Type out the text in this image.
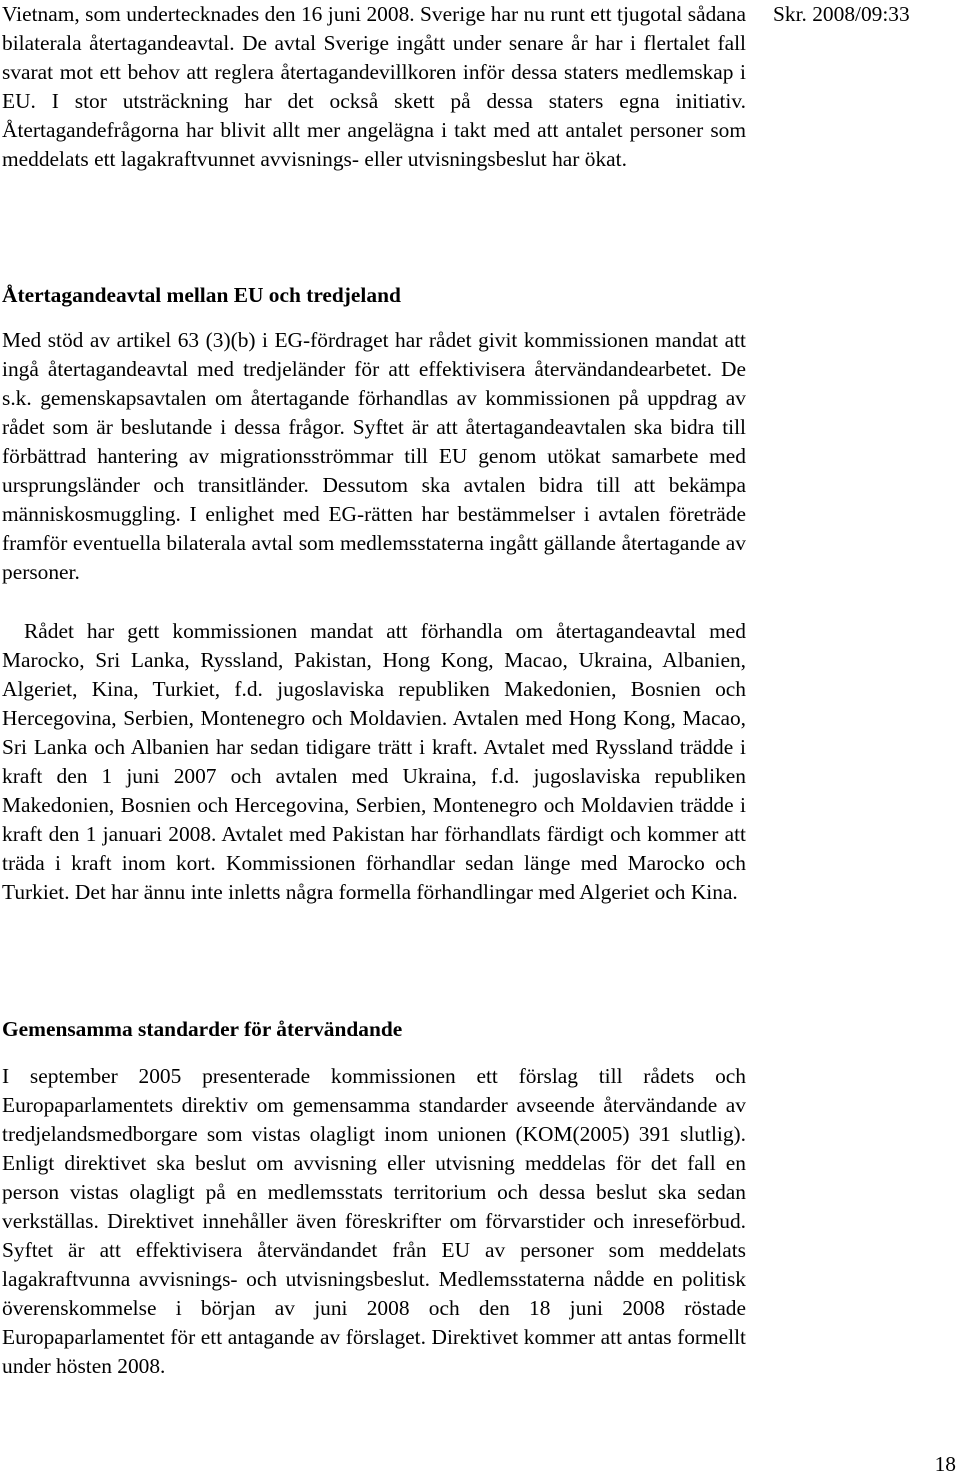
Skr. 2008/09:33

Vietnam, som undertecknades den 16 juni 2008. Sverige har nu runt ett tjugotal sådana bilaterala återtagandeavtal. De avtal Sverige ingått under senare år har i flertalet fall svarat mot ett behov att reglera återtagandevillkoren inför dessa staters medlemskap i EU. I stor utsträckning har det också skett på dessa staters egna initiativ. Återtagandefrågorna har blivit allt mer angelägna i takt med att antalet personer som meddelats ett lagakraftvunnet avvisnings- eller utvisningsbeslut har ökat.

Återtagandeavtal mellan EU och tredjeland

Med stöd av artikel 63 (3)(b) i EG-fördraget har rådet givit kommissionen mandat att ingå återtagandeavtal med tredjeländer för att effektivisera återvändandearbetet. De s.k. gemenskapsavtalen om återtagande förhandlas av kommissionen på uppdrag av rådet som är beslutande i dessa frågor. Syftet är att återtagandeavtalen ska bidra till förbättrad hantering av migrationsströmmar till EU genom utökat samarbete med ursprungsländer och transitländer. Dessutom ska avtalen bidra till att bekämpa människosmuggling. I enlighet med EG-rätten har bestämmelser i avtalen företräde framför eventuella bilaterala avtal som medlemsstaterna ingått gällande återtagande av personer.

Rådet har gett kommissionen mandat att förhandla om återtagandeavtal med Marocko, Sri Lanka, Ryssland, Pakistan, Hong Kong, Macao, Ukraina, Albanien, Algeriet, Kina, Turkiet, f.d. jugoslaviska republiken Makedonien, Bosnien och Hercegovina, Serbien, Montenegro och Moldavien. Avtalen med Hong Kong, Macao, Sri Lanka och Albanien har sedan tidigare trätt i kraft. Avtalet med Ryssland trädde i kraft den 1 juni 2007 och avtalen med Ukraina, f.d. jugoslaviska republiken Makedonien, Bosnien och Hercegovina, Serbien, Montenegro och Moldavien trädde i kraft den 1 januari 2008. Avtalet med Pakistan har förhandlats färdigt och kommer att träda i kraft inom kort. Kommissionen förhandlar sedan länge med Marocko och Turkiet. Det har ännu inte inletts några formella förhandlingar med Algeriet och Kina.

Gemensamma standarder för återvändande

I september 2005 presenterade kommissionen ett förslag till rådets och Europaparlamentets direktiv om gemensamma standarder avseende återvändande av tredjelandsmedborgare som vistas olagligt inom unionen (KOM(2005) 391 slutlig). Enligt direktivet ska beslut om avvisning eller utvisning meddelas för det fall en person vistas olagligt på en medlemsstats territorium och dessa beslut ska sedan verkställas. Direktivet innehåller även föreskrifter om förvarstider och inreseförbud. Syftet är att effektivisera återvändandet från EU av personer som meddelats lagakraftvunna avvisnings- och utvisningsbeslut. Medlemsstaterna nådde en politisk överenskommelse i början av juni 2008 och den 18 juni 2008 röstade Europaparlamentet för ett antagande av förslaget. Direktivet kommer att antas formellt under hösten 2008.

18
